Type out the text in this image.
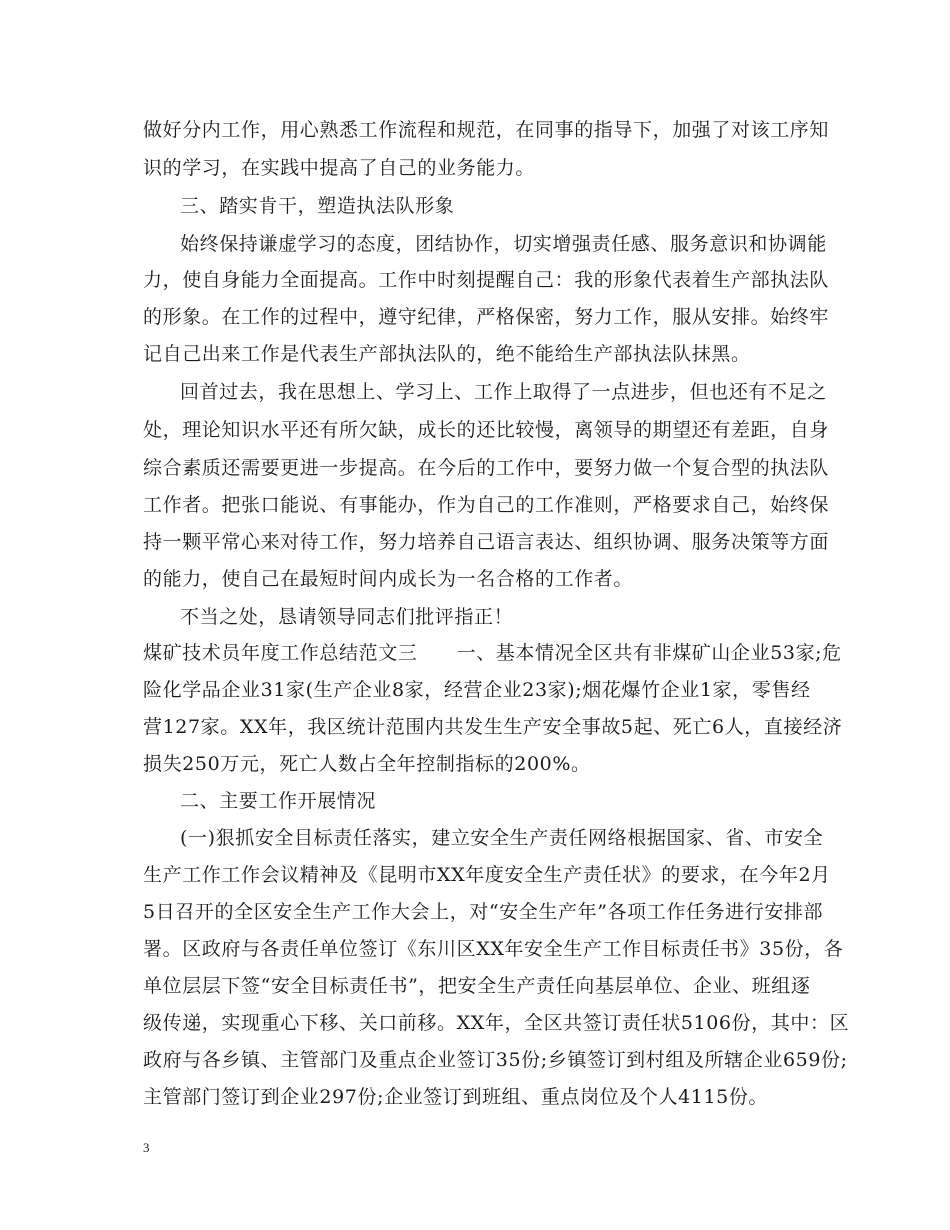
做好分内工作，用心熟悉工作流程和规范，在同事的指导下，加强了对该工序知
识的学习，在实践中提高了自己的业务能力。
三、踏实肯干，塑造执法队形象
始终保持谦虚学习的态度，团结协作，切实增强责任感、服务意识和协调能
力，使自身能力全面提高。工作中时刻提醒自己：我的形象代表着生产部执法队
的形象。在工作的过程中，遵守纪律，严格保密，努力工作，服从安排。始终牢
记自己出来工作是代表生产部执法队的，绝不能给生产部执法队抹黑。
回首过去，我在思想上、学习上、工作上取得了一点进步，但也还有不足之
处，理论知识水平还有所欠缺，成长的还比较慢，离领导的期望还有差距，自身
综合素质还需要更进一步提高。在今后的工作中，要努力做一个复合型的执法队
工作者。把张口能说、有事能办，作为自己的工作准则，严格要求自己，始终保
持一颗平常心来对待工作，努力培养自己语言表达、组织协调、服务决策等方面
的能力，使自己在最短时间内成长为一名合格的工作者。
不当之处，恳请领导同志们批评指正！
煤矿技术员年度工作总结范文三　　一、基本情况全区共有非煤矿山企业53家;危
险化学品企业31家(生产企业8家，经营企业23家);烟花爆竹企业1家，零售经
营127家。XX年，我区统计范围内共发生生产安全事故5起、死亡6人，直接经济
损失250万元，死亡人数占全年控制指标的200%。
二、主要工作开展情况
(一)狠抓安全目标责任落实，建立安全生产责任网络根据国家、省、市安全
生产工作工作会议精神及《昆明市XX年度安全生产责任状》的要求，在今年2月
5日召开的全区安全生产工作大会上，对“安全生产年”各项工作任务进行安排部
署。区政府与各责任单位签订《东川区XX年安全生产工作目标责任书》35份，各
单位层层下签“安全目标责任书”，把安全生产责任向基层单位、企业、班组逐
级传递，实现重心下移、关口前移。XX年，全区共签订责任状5106份，其中：区
政府与各乡镇、主管部门及重点企业签订35份;乡镇签订到村组及所辖企业659份;
主管部门签订到企业297份;企业签订到班组、重点岗位及个人4115份。
3
